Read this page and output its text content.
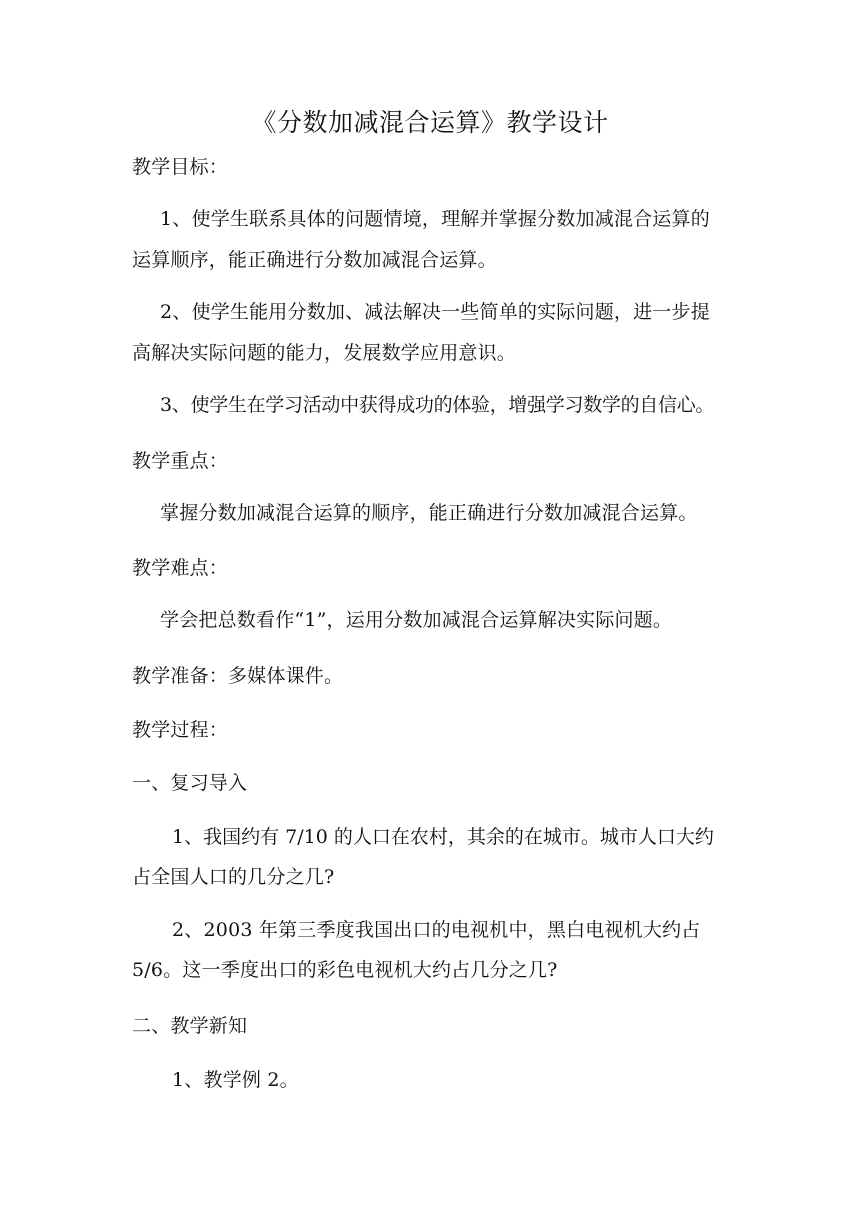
《分数加减混合运算》教学设计
教学目标：
1、使学生联系具体的问题情境，理解并掌握分数加减混合运算的
运算顺序，能正确进行分数加减混合运算。
2、使学生能用分数加、减法解决一些简单的实际问题，进一步提
高解决实际问题的能力，发展数学应用意识。
3、使学生在学习活动中获得成功的体验，增强学习数学的自信心。
教学重点：
掌握分数加减混合运算的顺序，能正确进行分数加减混合运算。
教学难点：
学会把总数看作“1”，运用分数加减混合运算解决实际问题。
教学准备：多媒体课件。
教学过程：
一、复习导入
1、我国约有 7/10 的人口在农村，其余的在城市。城市人口大约
占全国人口的几分之几?
2、2003 年第三季度我国出口的电视机中，黑白电视机大约占
5/6。这一季度出口的彩色电视机大约占几分之几?
二、教学新知
1、教学例 2。
